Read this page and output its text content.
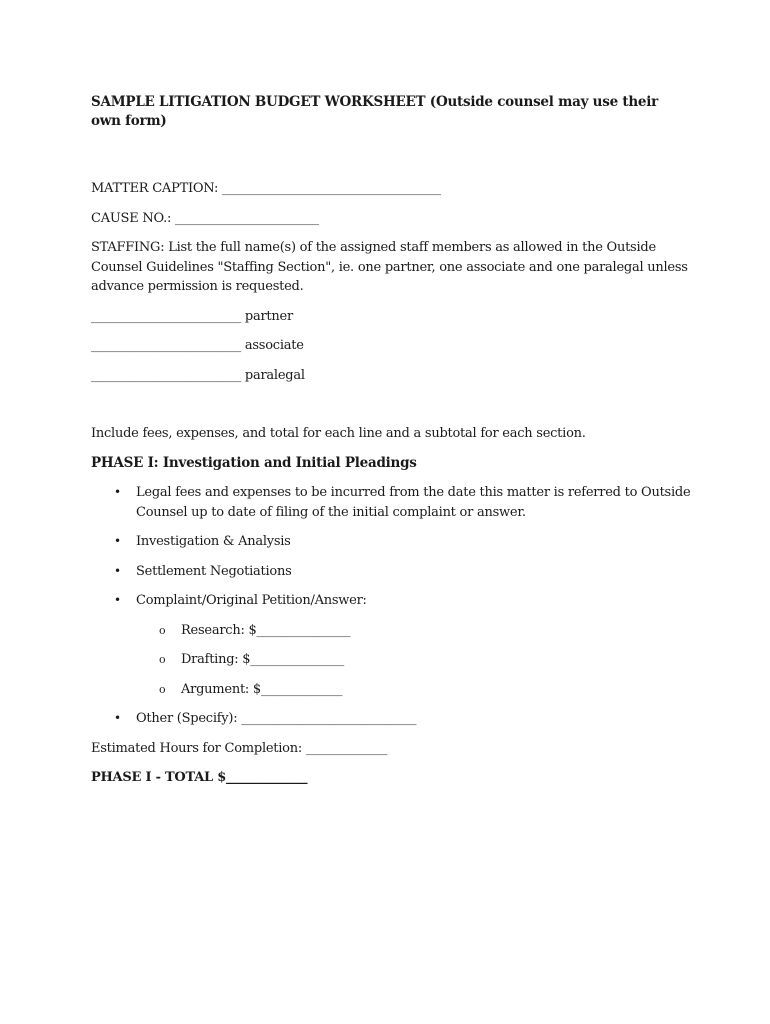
SAMPLE LITIGATION BUDGET WORKSHEET (Outside counsel may use their own form)

MATTER CAPTION: ___________________________________

CAUSE NO.: _______________________

STAFFING: List the full name(s) of the assigned staff members as allowed in the Outside Counsel Guidelines "Staffing Section", ie. one partner, one associate and one paralegal unless advance permission is requested.

________________________ partner

________________________ associate

________________________ paralegal

Include fees, expenses, and total for each line and a subtotal for each section.

PHASE I: Investigation and Initial Pleadings

• Legal fees and expenses to be incurred from the date this matter is referred to Outside Counsel up to date of filing of the initial complaint or answer.
• Investigation & Analysis
• Settlement Negotiations
• Complaint/Original Petition/Answer:
o Research: $_______________
o Drafting: $_______________
o Argument: $_____________
• Other (Specify): ____________________________

Estimated Hours for Completion: _____________

PHASE I - TOTAL $_____________
